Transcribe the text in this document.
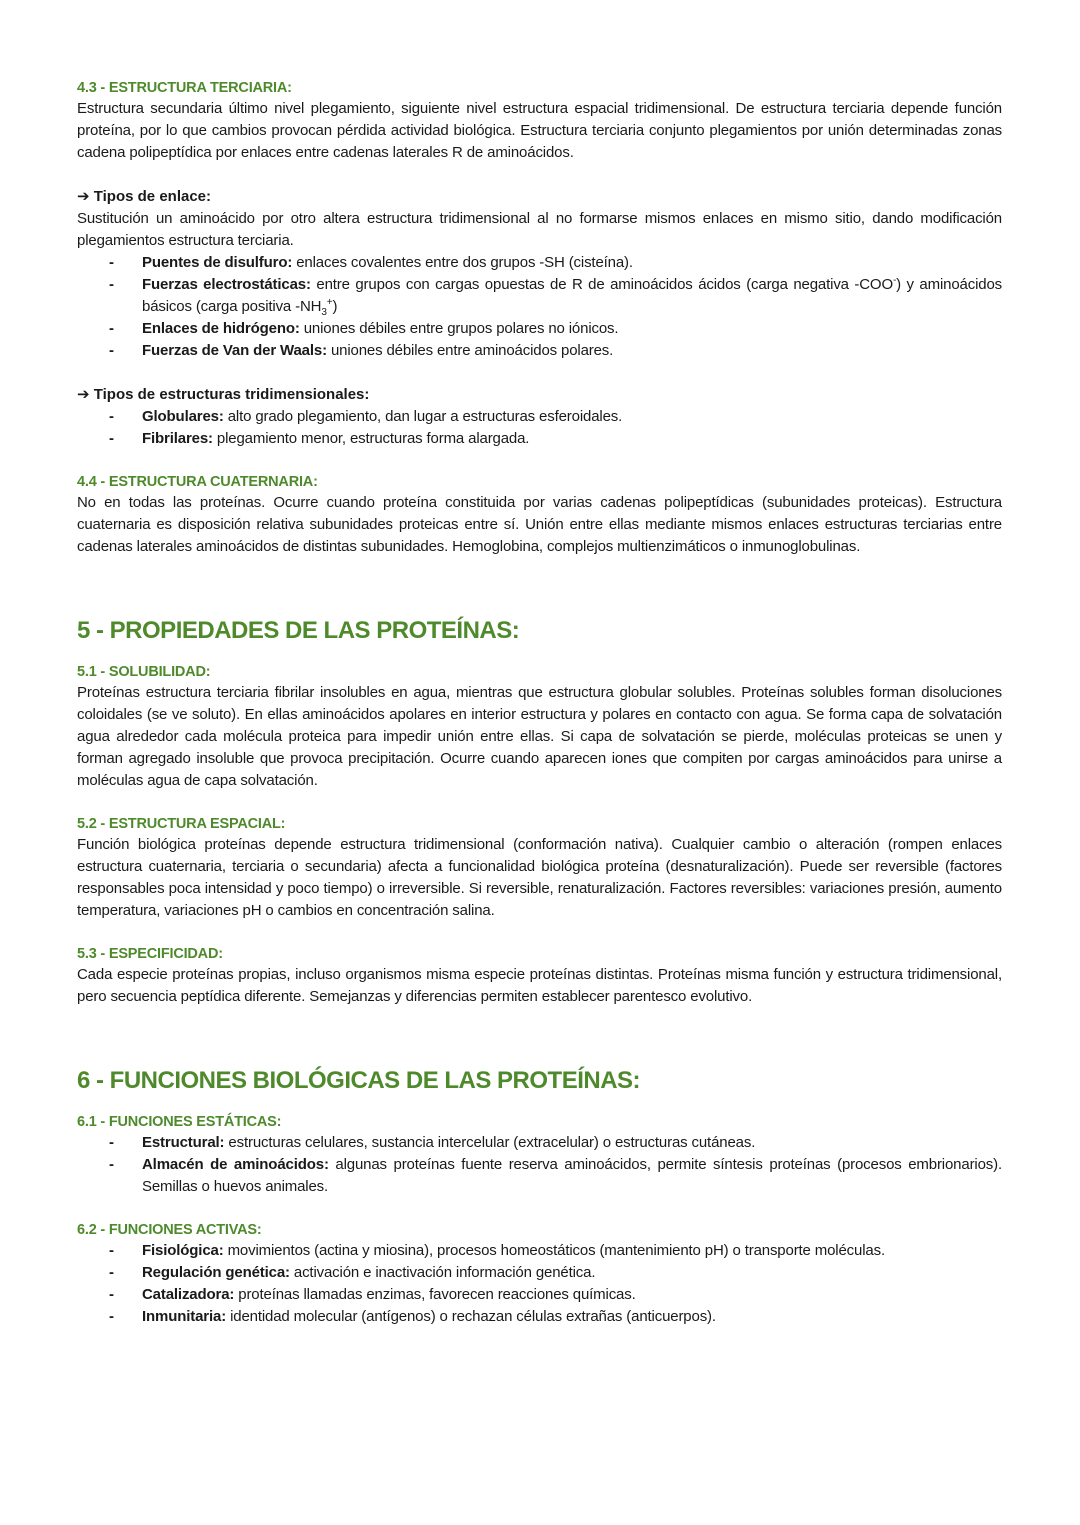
4.3 - ESTRUCTURA TERCIARIA:

Estructura secundaria último nivel plegamiento, siguiente nivel estructura espacial tridimensional. De estructura terciaria depende función proteína, por lo que cambios provocan pérdida actividad biológica. Estructura terciaria conjunto plegamientos por unión determinadas zonas cadena polipeptídica por enlaces entre cadenas laterales R de aminoácidos.

➔ Tipos de enlace:

Sustitución un aminoácido por otro altera estructura tridimensional al no formarse mismos enlaces en mismo sitio, dando modificación plegamientos estructura terciaria.

- Puentes de disulfuro: enlaces covalentes entre dos grupos -SH (cisteína).
- Fuerzas electrostáticas: entre grupos con cargas opuestas de R de aminoácidos ácidos (carga negativa -COO-) y aminoácidos básicos (carga positiva $-NH_3^+$)
- Enlaces de hidrógeno: uniones débiles entre grupos polares no iónicos.
- Fuerzas de Van der Waals: uniones débiles entre aminoácidos polares.

➔ Tipos de estructuras tridimensionales:

- Globulares: alto grado plegamiento, dan lugar a estructuras esferoidales.
- Fibrilares: plegamiento menor, estructuras forma alargada.
4.4 - ESTRUCTURA CUATERNARIA:

No en todas las proteínas. Ocurre cuando proteína constituida por varias cadenas polipeptídicas (subunidades proteicas). Estructura cuaternaria es disposición relativa subunidades proteicas entre sí. Unión entre ellas mediante mismos enlaces estructuras terciarias entre cadenas laterales aminoácidos de distintas subunidades. Hemoglobina, complejos multienzimáticos o inmunoglobulinas.

5 - PROPIEDADES DE LAS PROTEÍNAS:
5.1 - SOLUBILIDAD:

Proteínas estructura terciaria fibrilar insolubles en agua, mientras que estructura globular solubles. Proteínas solubles forman disoluciones coloidales (se ve soluto). En ellas aminoácidos apolares en interior estructura y polares en contacto con agua. Se forma capa de solvatación agua alrededor cada molécula proteica para impedir unión entre ellas. Si capa de solvatación se pierde, moléculas proteicas se unen y forman agregado insoluble que provoca precipitación. Ocurre cuando aparecen iones que compiten por cargas aminoácidos para unirse a moléculas agua de capa solvatación.

5.2 - ESTRUCTURA ESPACIAL:

Función biológica proteínas depende estructura tridimensional (conformación nativa). Cualquier cambio o alteración (rompen enlaces estructura cuaternaria, terciaria o secundaria) afecta a funcionalidad biológica proteína (desnaturalización). Puede ser reversible (factores responsables poca intensidad y poco tiempo) o irreversible. Si reversible, renaturalización. Factores reversibles: variaciones presión, aumento temperatura, variaciones pH o cambios en concentración salina.

5.3 - ESPECIFICIDAD:

Cada especie proteínas propias, incluso organismos misma especie proteínas distintas. Proteínas misma función y estructura tridimensional, pero secuencia peptídica diferente. Semejanzas y diferencias permiten establecer parentesco evolutivo.

6 - FUNCIONES BIOLÓGICAS DE LAS PROTEÍNAS:
6.1 - FUNCIONES ESTÁTICAS:
- Estructural: estructuras celulares, sustancia intercelular (extracelular) o estructuras cutáneas.
- Almacén de aminoácidos: algunas proteínas fuente reserva aminoácidos, permite síntesis proteínas (procesos embrionarios). Semillas o huevos animales.
6.2 - FUNCIONES ACTIVAS:
- Fisiológica: movimientos (actina y miosina), procesos homeostáticos (mantenimiento pH) o transporte moléculas.
- Regulación genética: activación e inactivación información genética.
- Catalizadora: proteínas llamadas enzimas, favorecen reacciones químicas.
- Inmunitaria: identidad molecular (antígenos) o rechazan células extrañas (anticuerpos).
